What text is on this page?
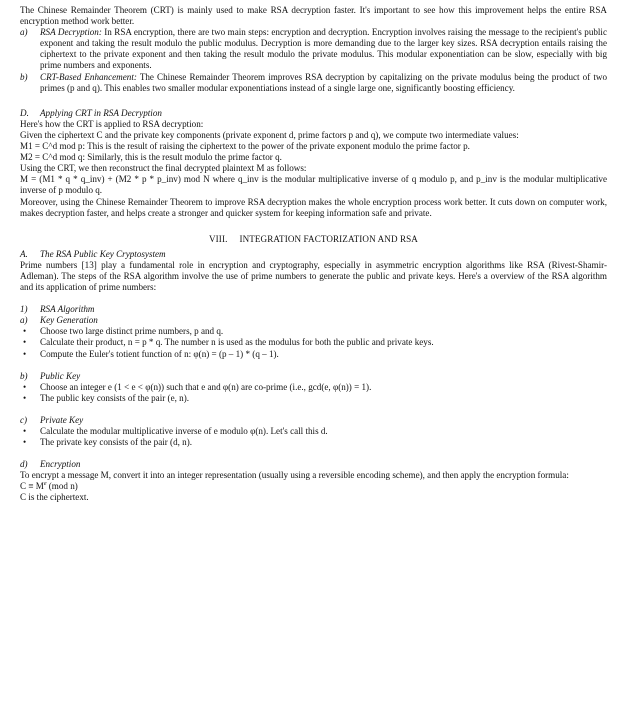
The Chinese Remainder Theorem (CRT) is mainly used to make RSA decryption faster. It's important to see how this improvement helps the entire RSA encryption method work better.

a) RSA Decryption: In RSA encryption, there are two main steps: encryption and decryption. Encryption involves raising the message to the recipient's public exponent and taking the result modulo the public modulus. Decryption is more demanding due to the larger key sizes. RSA decryption entails raising the ciphertext to the private exponent and then taking the result modulo the private modulus. This modular exponentiation can be slow, especially with big prime numbers and exponents.
b) CRT-Based Enhancement: The Chinese Remainder Theorem improves RSA decryption by capitalizing on the private modulus being the product of two primes (p and q). This enables two smaller modular exponentiations instead of a single large one, significantly boosting efficiency.

D. Applying CRT in RSA Decryption

Here's how the CRT is applied to RSA decryption:

Given the ciphertext C and the private key components (private exponent d, prime factors p and q), we compute two intermediate values:

M1 = C^d mod p: This is the result of raising the ciphertext to the power of the private exponent modulo the prime factor p.

M2 = C^d mod q: Similarly, this is the result modulo the prime factor q.

Using the CRT, we then reconstruct the final decrypted plaintext M as follows:

M = (M1 * q * q_inv) + (M2 * p * p_inv) mod N where q_inv is the modular multiplicative inverse of q modulo p, and p_inv is the modular multiplicative inverse of p modulo q.

Moreover, using the Chinese Remainder Theorem to improve RSA decryption makes the whole encryption process work better. It cuts down on computer work, makes decryption faster, and helps create a stronger and quicker system for keeping information safe and private.

VIII. INTEGRATION FACTORIZATION AND RSA

A. The RSA Public Key Cryptosystem

Prime numbers [13] play a fundamental role in encryption and cryptography, especially in asymmetric encryption algorithms like RSA (Rivest-Shamir-Adleman). The steps of the RSA algorithm involve the use of prime numbers to generate the public and private keys. Here's a overview of the RSA algorithm and its application of prime numbers:

1) RSA Algorithm

a) Key Generation

• Choose two large distinct prime numbers, p and q.
• Calculate their product, n = p * q. The number n is used as the modulus for both the public and private keys.
• Compute the Euler's totient function of n: φ(n) = (p – 1) * (q – 1).

b) Public Key

• Choose an integer e (1 < e < φ(n)) such that e and φ(n) are co-prime (i.e., gcd(e, φ(n)) = 1).
• The public key consists of the pair (e, n).

c) Private Key

• Calculate the modular multiplicative inverse of e modulo φ(n). Let's call this d.
• The private key consists of the pair (d, n).

d) Encryption

To encrypt a message M, convert it into an integer representation (usually using a reversible encoding scheme), and then apply the encryption formula:

$C \equiv M^e$ (mod n)

C is the ciphertext.
